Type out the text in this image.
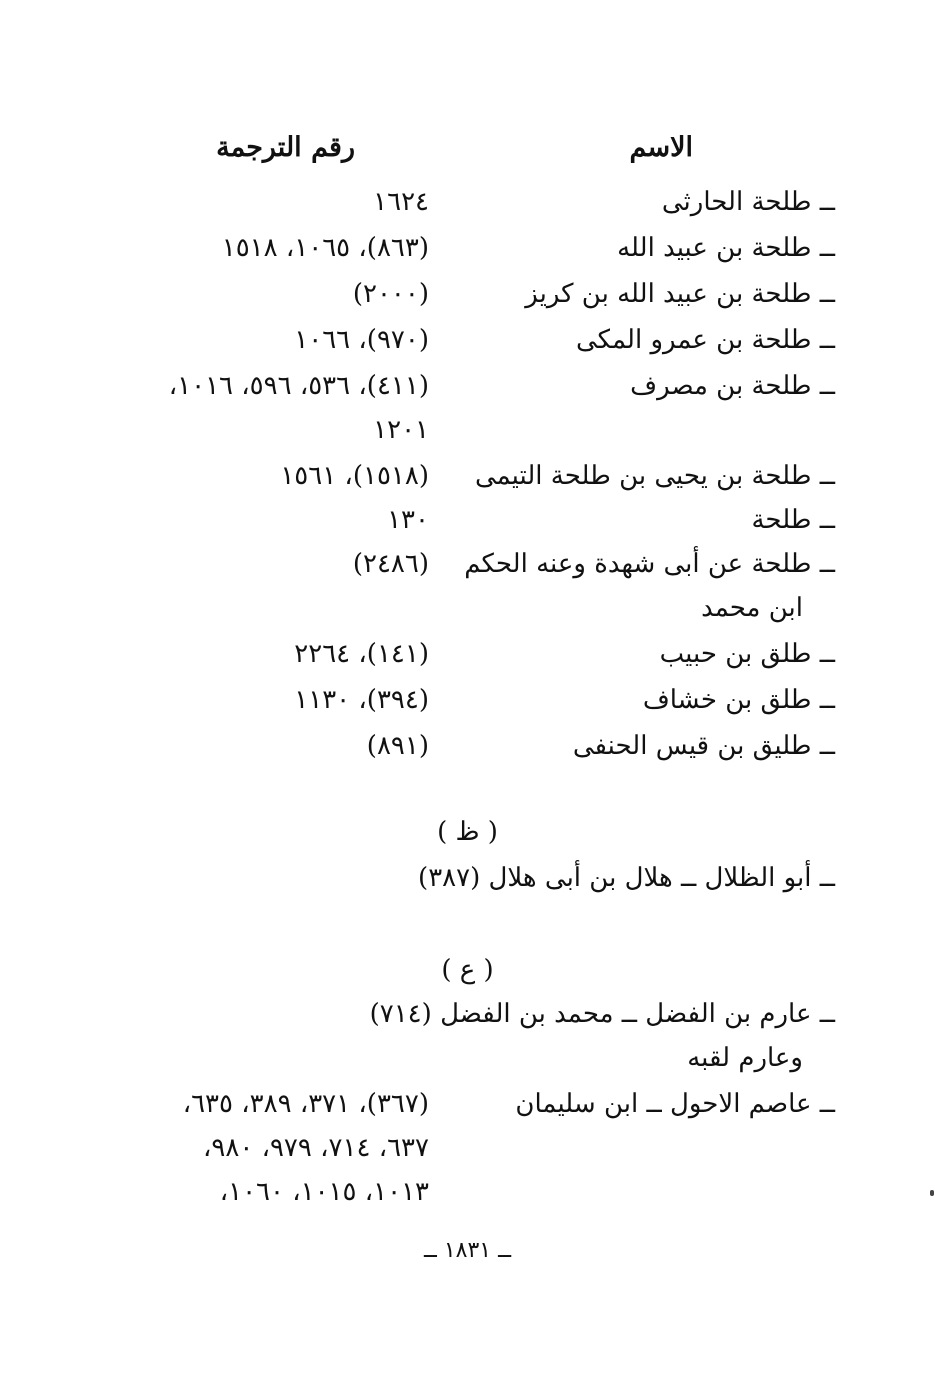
الاسم
رقم الترجمة
ــ طلحة الحارثى
١٦٢٤
ــ طلحة بن عبيد الله
(٨٦٣)، ١٠٦٥، ١٥١٨
ــ طلحة بن عبيد الله بن كريز
(٢٠٠٠)
ــ طلحة بن عمرو المكى
(٩٧٠)، ١٠٦٦
ــ طلحة بن مصرف
(٤١١)، ٥٣٦، ٥٩٦، ١٠١٦،
١٢٠١
ــ طلحة بن يحيى بن طلحة التيمى
(١٥١٨)، ١٥٦١
ــ طلحة
١٣٠
ــ طلحة عن أبى شهدة وعنه الحكم
(٢٤٨٦)
ابن محمد
ــ طلق بن حبيب
(١٤١)، ٢٢٦٤
ــ طلق بن خشاف
(٣٩٤)، ١١٣٠
ــ طليق بن قيس الحنفى
(٨٩١)
( ظ )
ــ أبو الظلال ــ هلال بن أبى هلال (٣٨٧)
( ع )
ــ عارم بن الفضل ــ محمد بن الفضل (٧١٤)
وعارم لقبه
ــ عاصم الاحول ــ ابن سليمان
(٣٦٧)، ٣٧١، ٣٨٩، ٦٣٥،
٦٣٧، ٧١٤، ٩٧٩، ٩٨٠،
١٠١٣، ١٠١٥، ١٠٦٠،
ــ ١٨٣١ ــ
